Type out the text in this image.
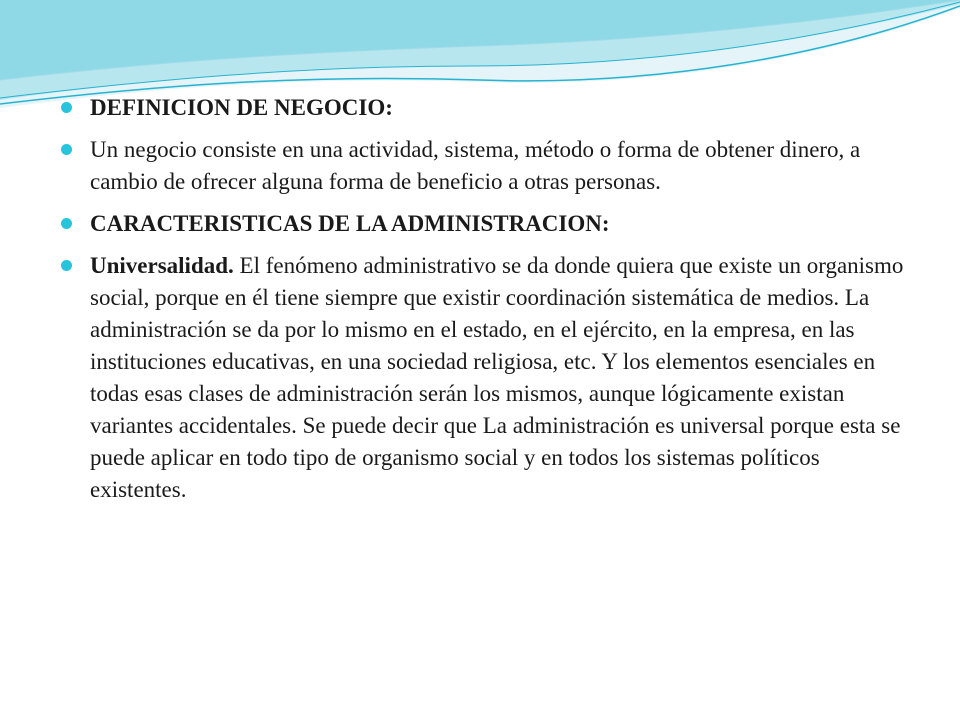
DEFINICION DE NEGOCIO:
Un negocio consiste en una actividad, sistema, método o forma de obtener dinero, a cambio de ofrecer alguna forma de beneficio a otras personas.
CARACTERISTICAS DE LA ADMINISTRACION:
Universalidad. El fenómeno administrativo se da donde quiera que existe un organismo social, porque en él tiene siempre que existir coordinación sistemática de medios. La administración se da por lo mismo en el estado, en el ejército, en la empresa, en las instituciones educativas, en una sociedad religiosa, etc. Y los elementos esenciales en todas esas clases de administración serán los mismos, aunque lógicamente existan variantes accidentales. Se puede decir que La administración es universal porque esta se puede aplicar en todo tipo de organismo social y en todos los sistemas políticos existentes.
